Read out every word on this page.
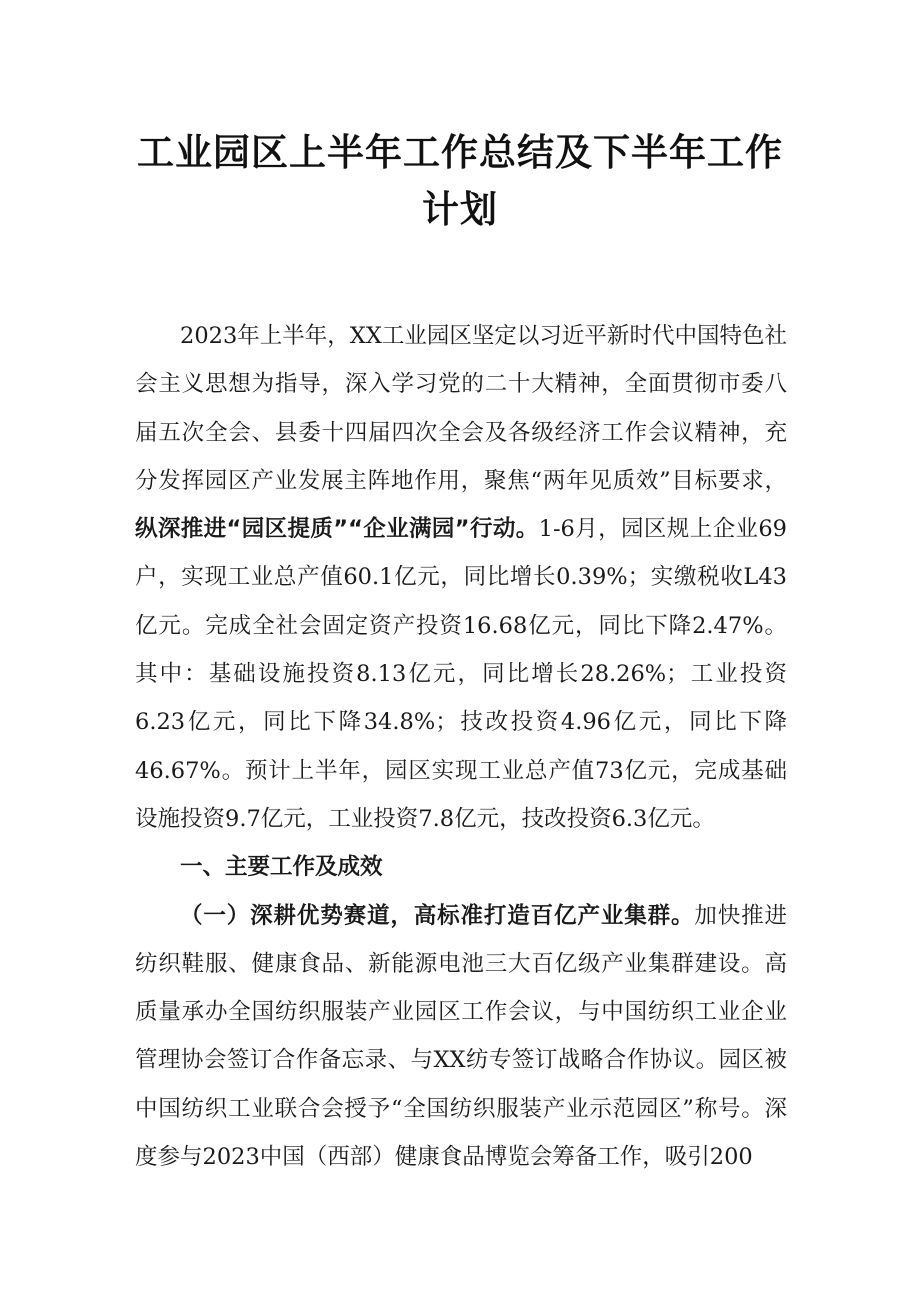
工业园区上半年工作总结及下半年工作
计划

2023年上半年，XX工业园区坚定以习近平新时代中国特色社会主义思想为指导，深入学习党的二十大精神，全面贯彻市委八届五次全会、县委十四届四次全会及各级经济工作会议精神，充分发挥园区产业发展主阵地作用，聚焦“两年见质效”目标要求，纵深推进“园区提质”“企业满园”行动。1-6月，园区规上企业69户，实现工业总产值60.1亿元，同比增长0.39%；实缴税收L43亿元。完成全社会固定资产投资16.68亿元，同比下降2.47%。其中：基础设施投资8.13亿元，同比增长28.26%；工业投资6.23亿元，同比下降34.8%；技改投资4.96亿元，同比下降46.67%。预计上半年，园区实现工业总产值73亿元，完成基础设施投资9.7亿元，工业投资7.8亿元，技改投资6.3亿元。

一、主要工作及成效

（一）深耕优势赛道，高标准打造百亿产业集群。加快推进纺织鞋服、健康食品、新能源电池三大百亿级产业集群建设。高质量承办全国纺织服装产业园区工作会议，与中国纺织工业企业管理协会签订合作备忘录、与XX纺专签订战略合作协议。园区被中国纺织工业联合会授予“全国纺织服装产业示范园区”称号。深度参与2023中国（西部）健康食品博览会筹备工作，吸引200
